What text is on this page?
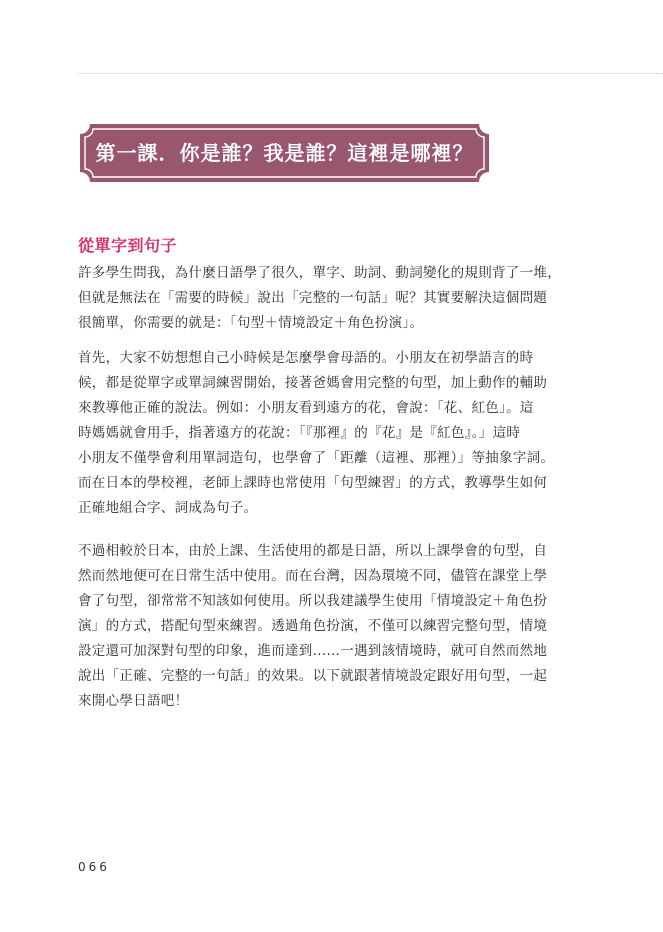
第一課．你是誰？我是誰？這裡是哪裡？
從單字到句子
許多學生問我，為什麼日語學了很久，單字、助詞、動詞變化的規則背了一堆，
但就是無法在「需要的時候」說出「完整的一句話」呢？其實要解決這個問題
很簡單，你需要的就是：「句型＋情境設定＋角色扮演」。
首先，大家不妨想想自己小時候是怎麼學會母語的。小朋友在初學語言的時
候，都是從單字或單詞練習開始，接著爸媽會用完整的句型，加上動作的輔助
來教導他正確的說法。例如：小朋友看到遠方的花，會說：「花、紅色」。這
時媽媽就會用手，指著遠方的花說：「『那裡』的『花』是『紅色』。」這時
小朋友不僅學會利用單詞造句，也學會了「距離（這裡、那裡）」等抽象字詞。
而在日本的學校裡，老師上課時也常使用「句型練習」的方式，教導學生如何
正確地組合字、詞成為句子。
不過相較於日本，由於上課、生活使用的都是日語，所以上課學會的句型，自
然而然地便可在日常生活中使用。而在台灣，因為環境不同，儘管在課堂上學
會了句型，卻常常不知該如何使用。所以我建議學生使用「情境設定＋角色扮
演」的方式，搭配句型來練習。透過角色扮演，不僅可以練習完整句型，情境
設定還可加深對句型的印象，進而達到……一遇到該情境時，就可自然而然地
說出「正確、完整的一句話」的效果。以下就跟著情境設定跟好用句型，一起
來開心學日語吧！
066
